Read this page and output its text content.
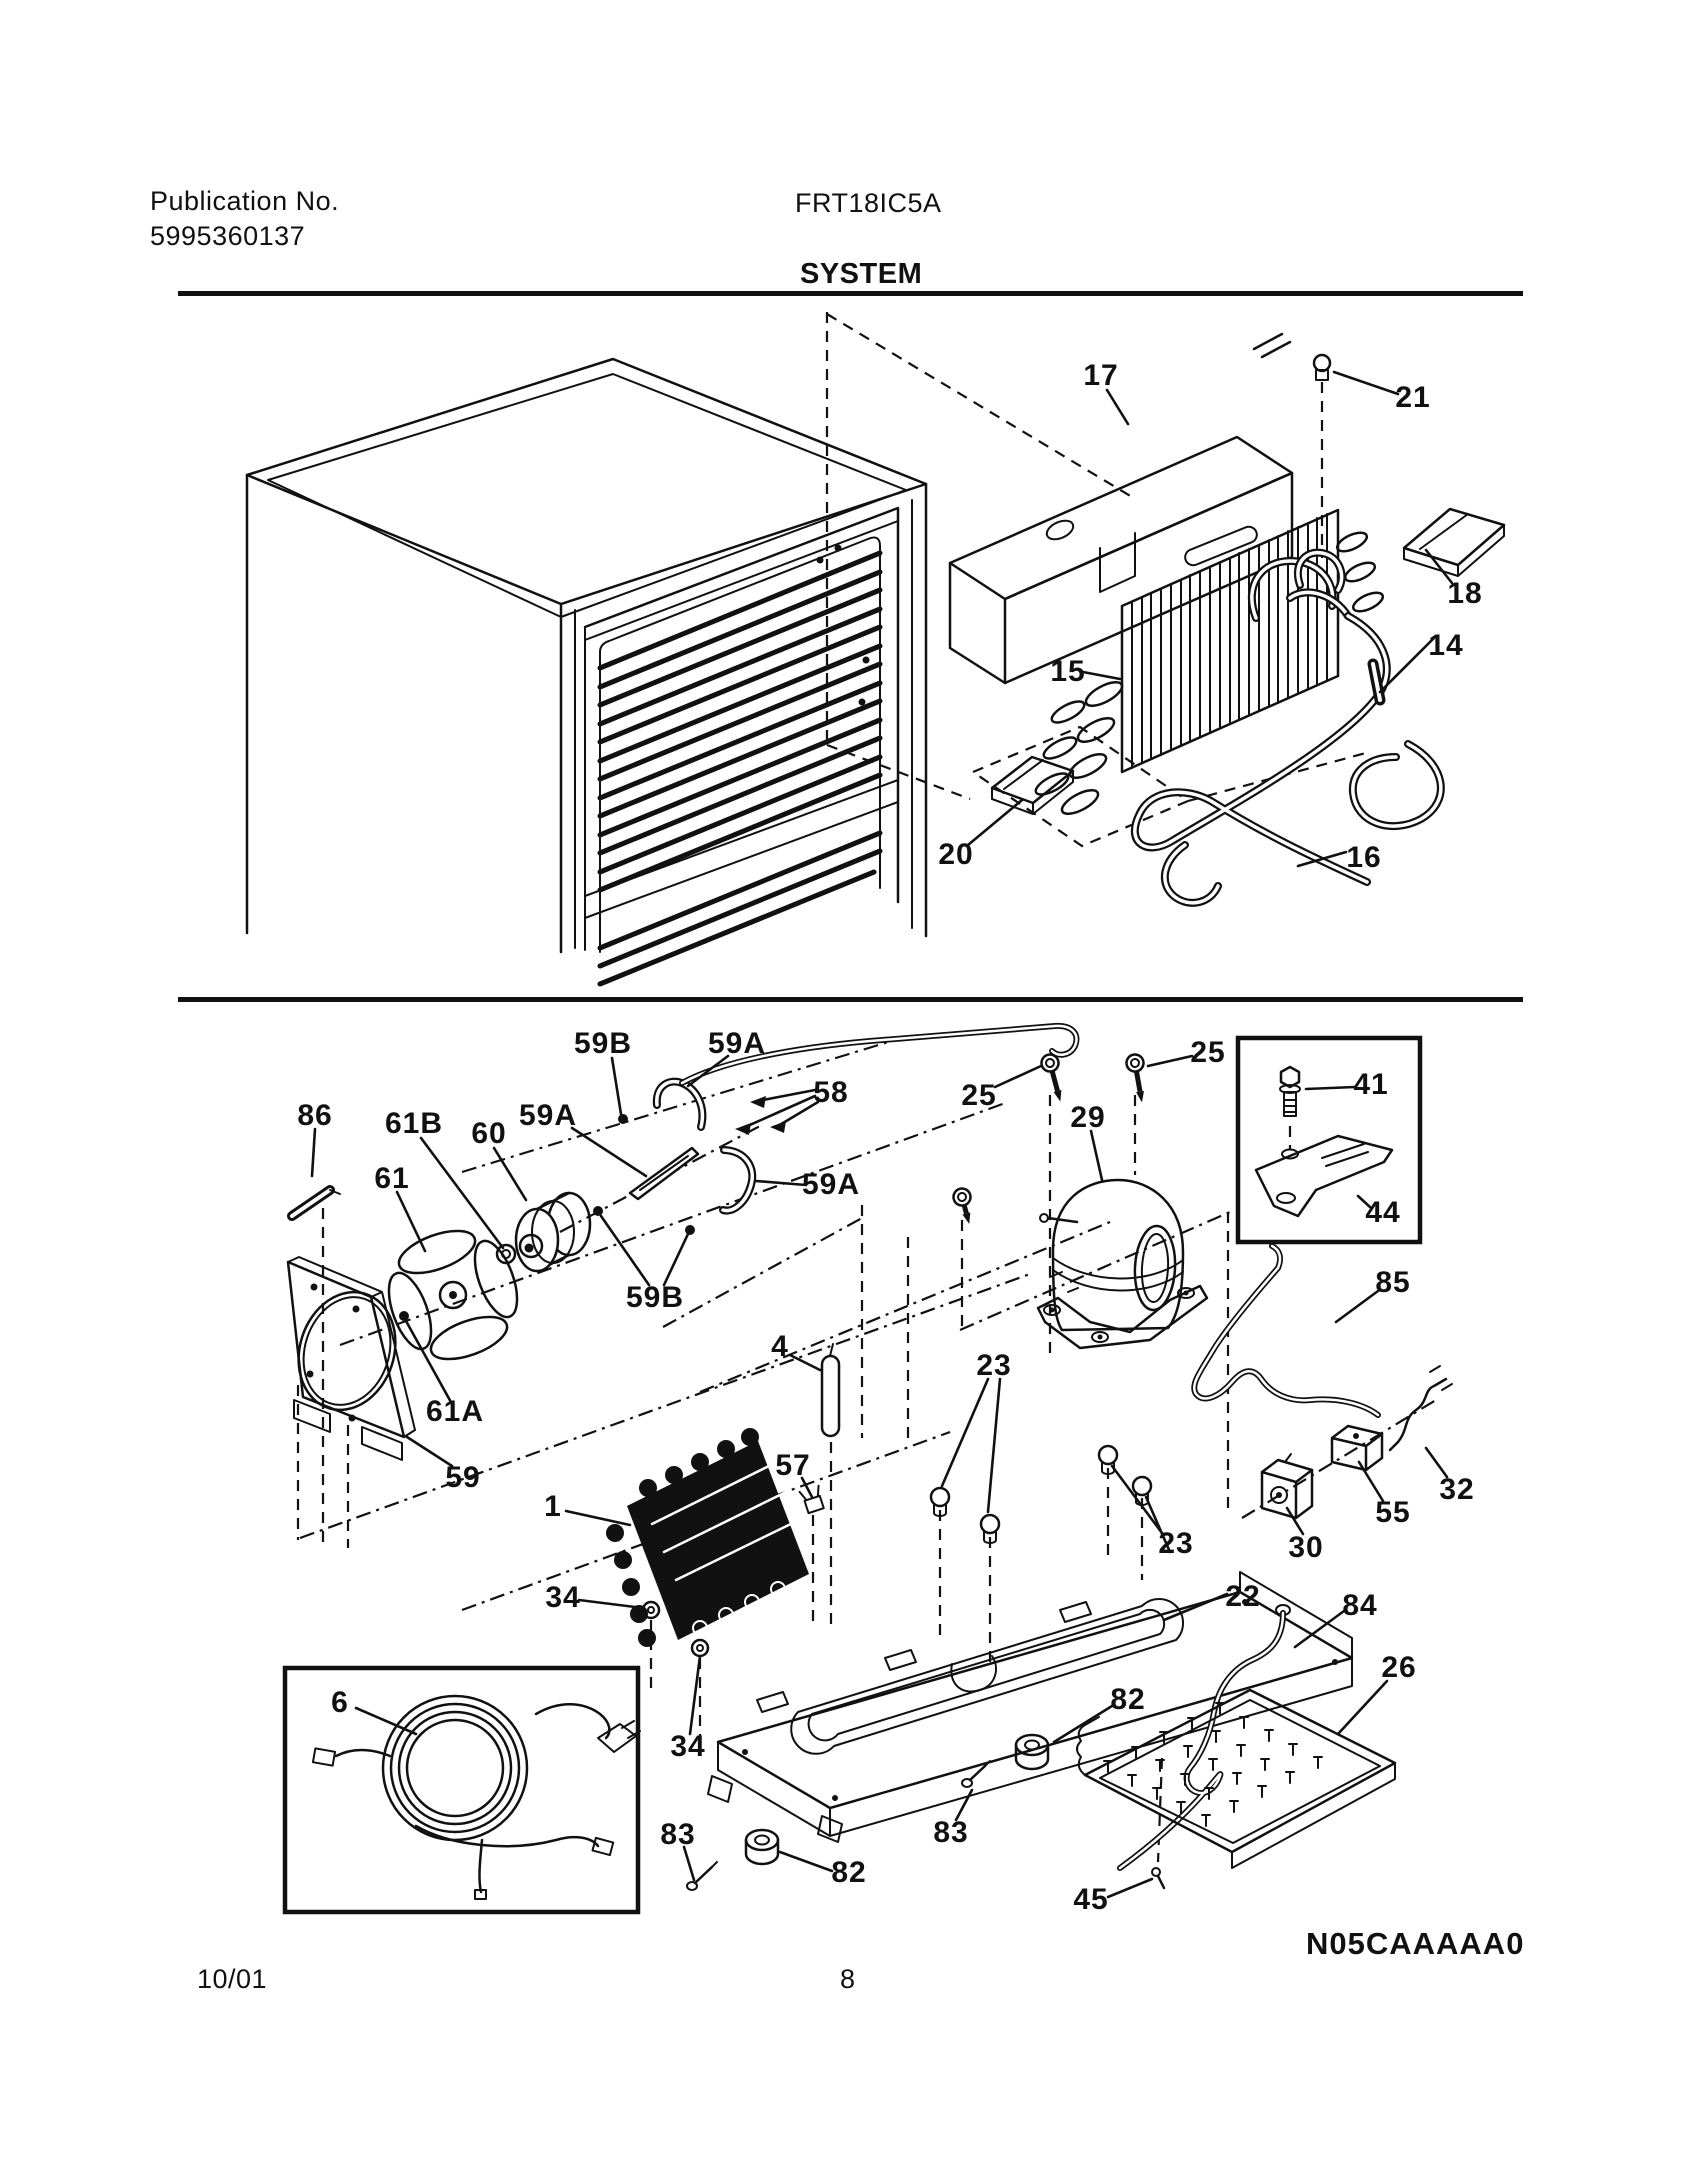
Publication No.
5995360137
FRT18IC5A
SYSTEM
17
21
18
14
15
16
20
86 61B 60
59A
59B	59A
58
59A
61
59B
61A
59
4
57
1
34
34
6
83
82
83
82
25
29
25
41
44
85
23
23
32
55
30
22	84
26
45
10/01	8
N05CAAAAA0
